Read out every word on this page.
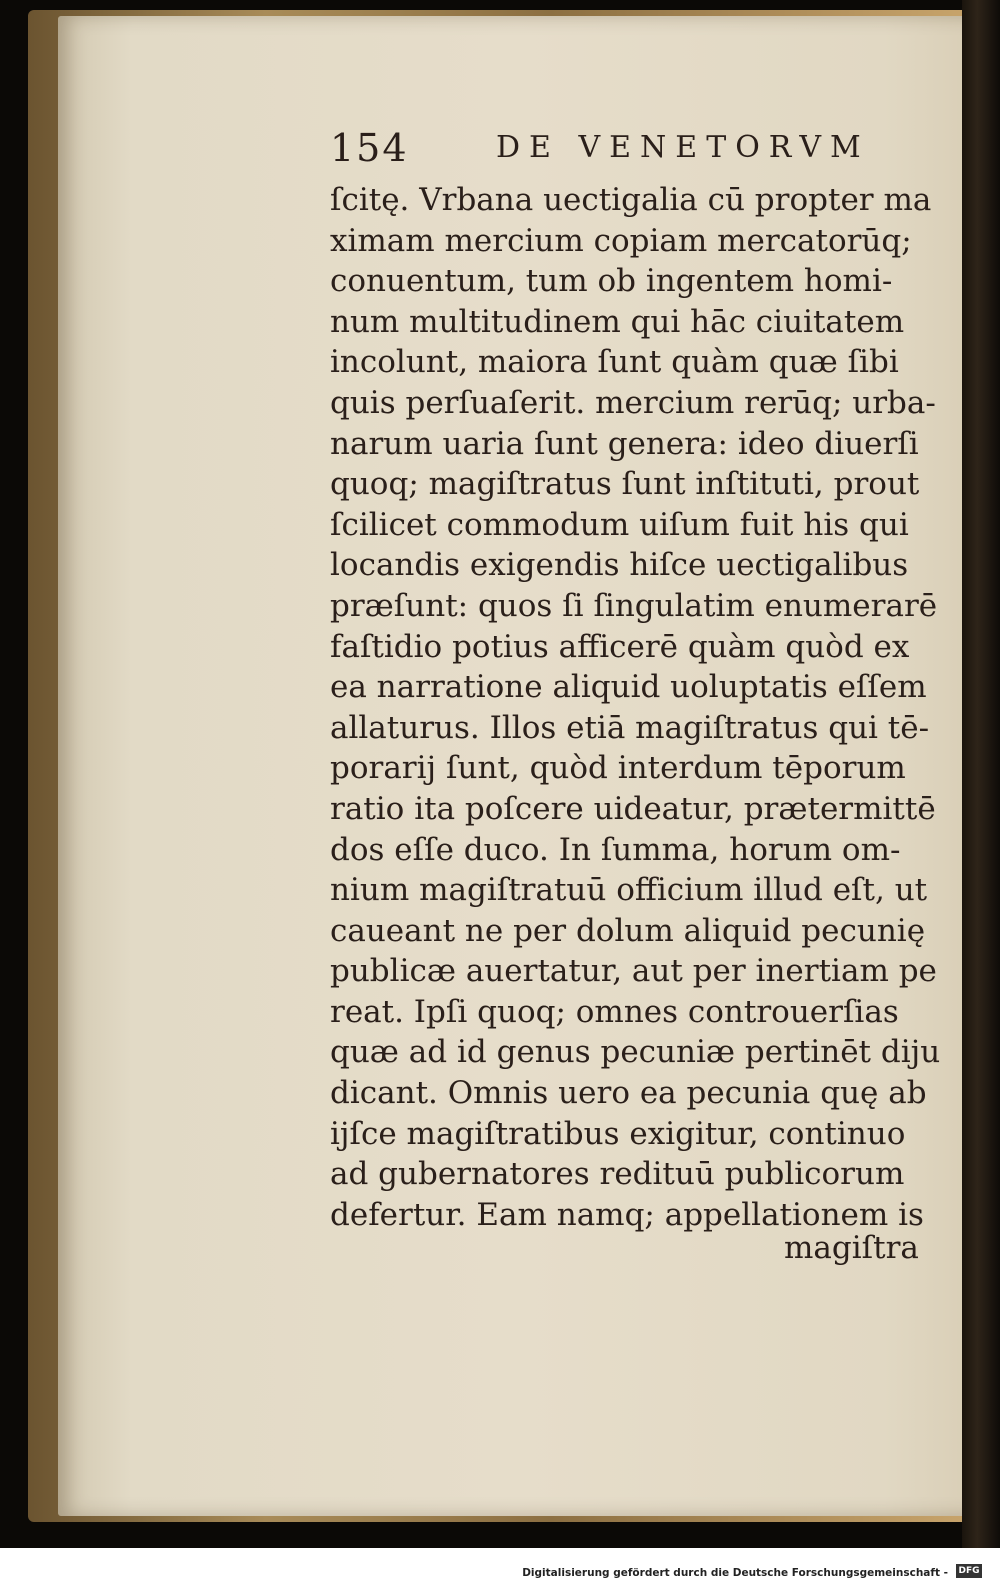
154	DE VENETORVM
ſcitę. Vrbana uectigalia cū propter ma
ximam mercium copiam mercatorūq;
conuentum, tum ob ingentem homi-
num multitudinem qui hāc ciuitatem
incolunt, maiora ſunt quàm quæ ſibi
quis perſuaſerit. mercium rerūq; urba-
narum uaria ſunt genera: ideo diuerſi
quoq; magiſtratus ſunt inſtituti, prout
ſcilicet commodum uiſum fuit his qui
locandis exigendis hiſce uectigalibus
præſunt: quos ſi ſingulatim enumerarē
faſtidio potius afficerē quàm quòd ex
ea narratione aliquid uoluptatis eſſem
allaturus. Illos etiā magiſtratus qui tē-
porarij ſunt, quòd interdum tēporum
ratio ita poſcere uideatur, prætermittē
dos eſſe duco. In ſumma, horum om-
nium magiſtratuū officium illud eſt, ut
caueant ne per dolum aliquid pecunię
publicæ auertatur, aut per inertiam pe
reat. Ipſi quoq; omnes controuerſias
quæ ad id genus pecuniæ pertinēt diju
dicant. Omnis uero ea pecunia quę ab
ijſce magiſtratibus exigitur, continuo
ad gubernatores redituū publicorum
defertur. Eam namq; appellationem is
magiſtra
Digitalisierung gefördert durch die Deutsche Forschungsgemeinschaft - DFG
